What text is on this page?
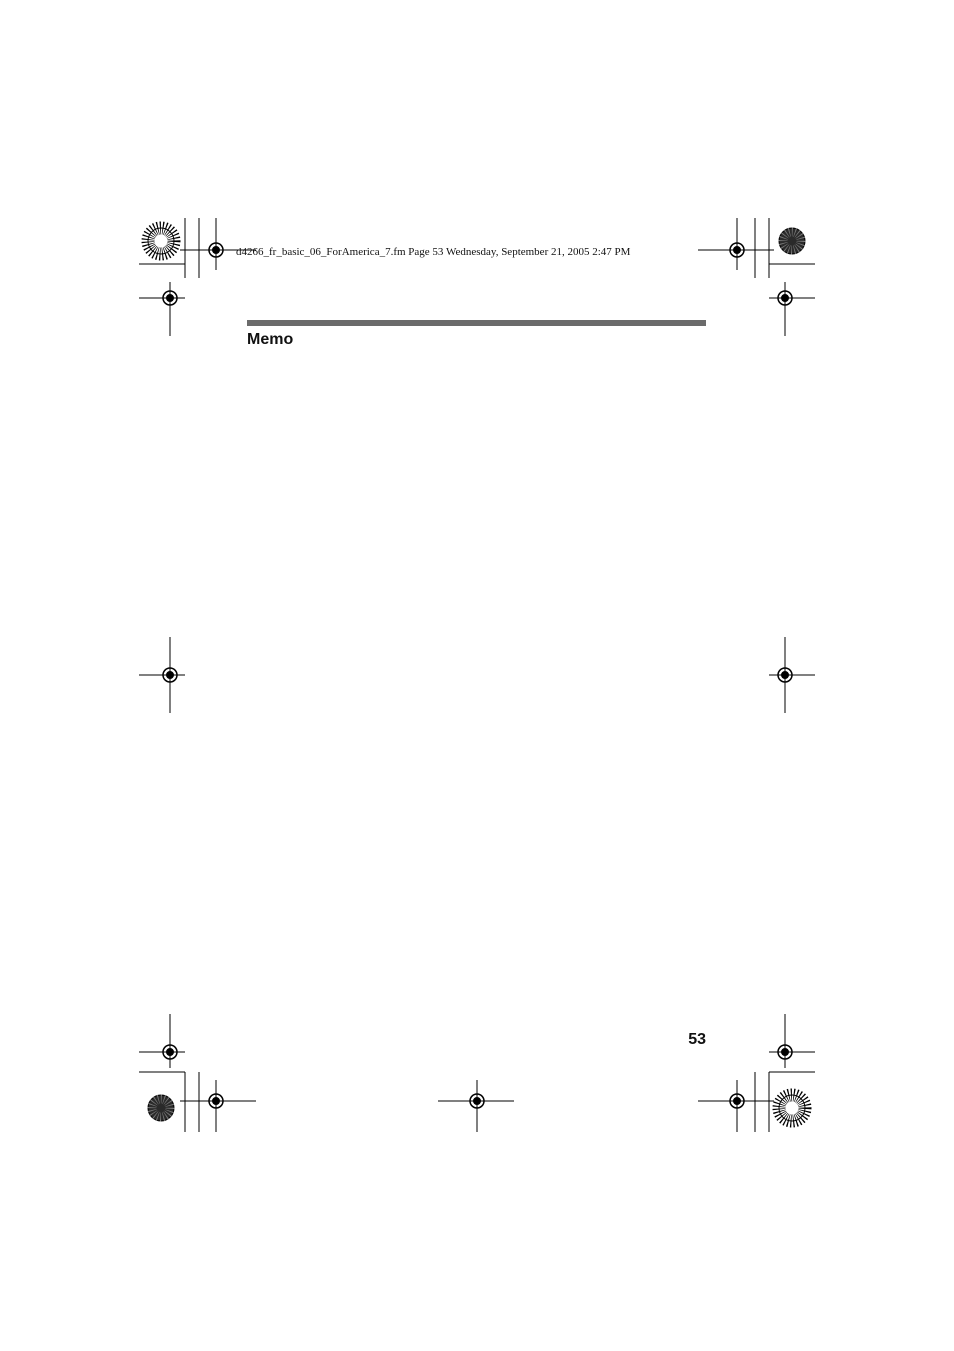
d4266_fr_basic_06_ForAmerica_7.fm Page 53 Wednesday, September 21, 2005 2:47 PM
Memo
53
